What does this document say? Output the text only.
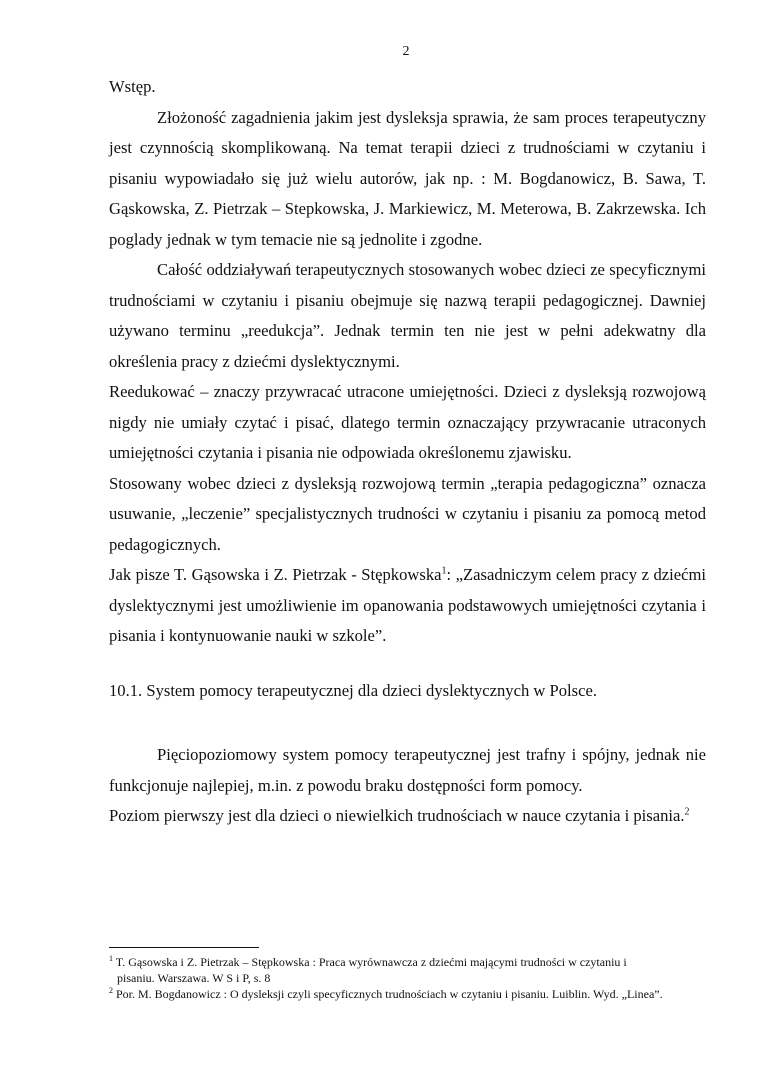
2

Wstęp.

Złożoność zagadnienia jakim jest dysleksja sprawia, że sam proces terapeutyczny jest czynnością skomplikowaną. Na temat terapii dzieci z trudnościami w czytaniu i pisaniu wypowiadało się już wielu autorów, jak np. : M. Bogdanowicz, B. Sawa, T. Gąskowska, Z. Pietrzak – Stepkowska, J. Markiewicz, M. Meterowa, B. Zakrzewska. Ich poglady jednak w tym temacie nie są jednolite i zgodne.

Całość oddziaływań terapeutycznych stosowanych wobec dzieci ze specyficznymi trudnościami w czytaniu i pisaniu obejmuje się nazwą terapii pedagogicznej. Dawniej używano terminu „reedukcja”. Jednak termin ten nie jest w pełni adekwatny dla określenia pracy z dziećmi dyslektycznymi.

Reedukować – znaczy przywracać utracone umiejętności. Dzieci z dysleksją rozwojową nigdy nie umiały czytać i pisać, dlatego termin oznaczający przywracanie utraconych umiejętności czytania i pisania nie odpowiada określonemu zjawisku.

Stosowany wobec dzieci z dysleksją rozwojową termin „terapia pedagogiczna” oznacza usuwanie, „leczenie” specjalistycznych trudności w czytaniu i pisaniu za pomocą metod pedagogicznych.

Jak pisze T. Gąsowska i Z. Pietrzak - Stępkowska$^1$: „Zasadniczym celem pracy z dziećmi dyslektycznymi jest umożliwienie im opanowania podstawowych umiejętności czytania i pisania i kontynuowanie nauki w szkole”.

10.1. System pomocy terapeutycznej dla dzieci dyslektycznych w Polsce.

Pięciopoziomowy system pomocy terapeutycznej jest trafny i spójny, jednak nie funkcjonuje najlepiej, m.in. z powodu braku dostępności form pomocy.

Poziom pierwszy jest dla dzieci o niewielkich trudnościach w nauce czytania i pisania.$^2$

$^1$ T. Gąsowska i Z. Pietrzak – Stępkowska : Praca wyrównawcza z dziećmi mającymi trudności w czytaniu i

pisaniu. Warszawa. W S i P, s. 8

$^2$ Por. M. Bogdanowicz : O dysleksji czyli specyficznych trudnościach w czytaniu i pisaniu. Luiblin. Wyd. „Linea”.
